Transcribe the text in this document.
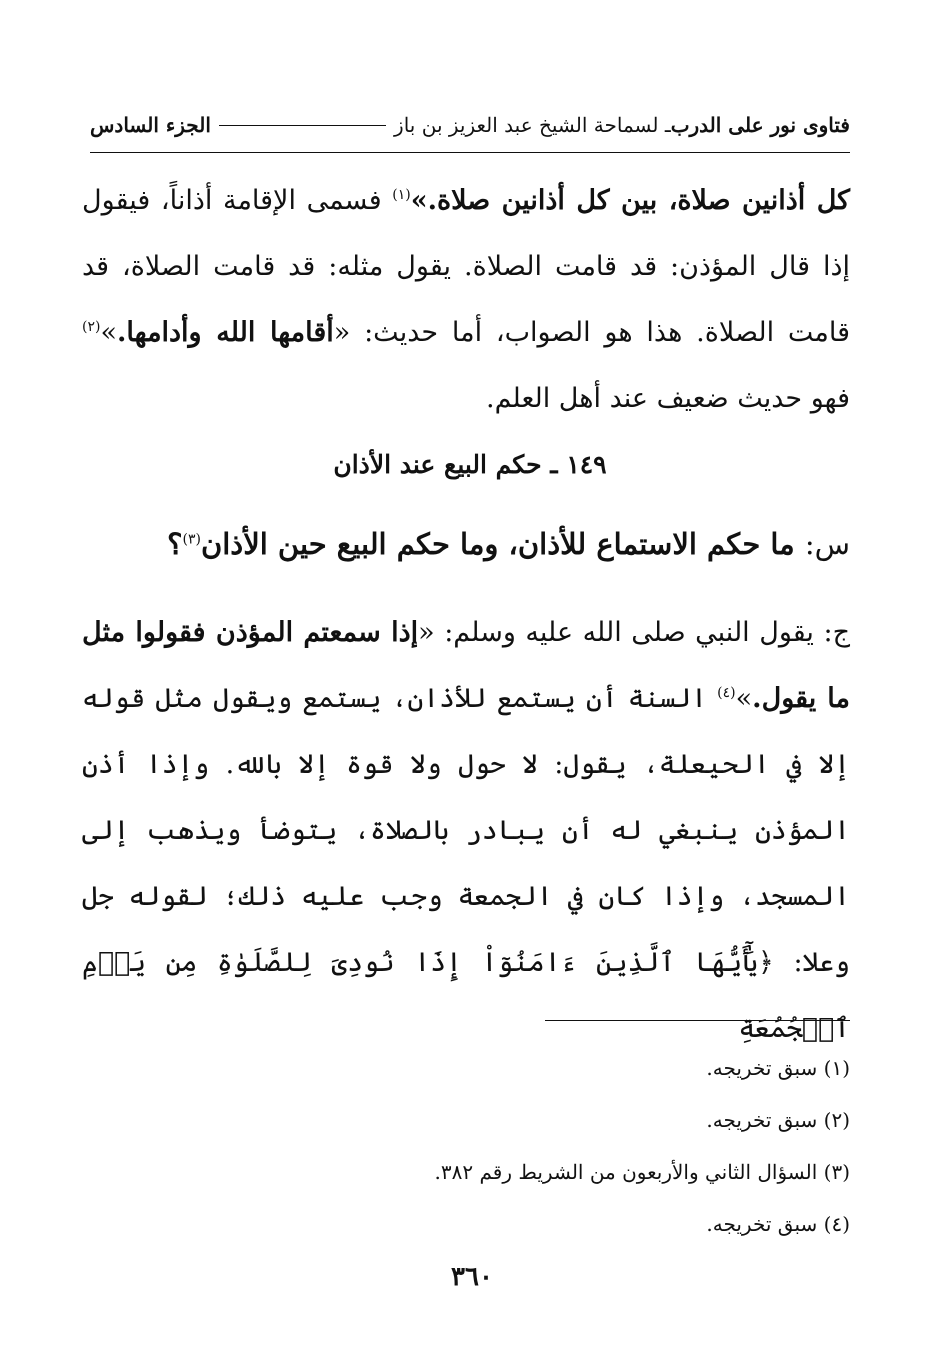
فتاوى نور على الدرب
ـ لسماحة الشيخ عبد العزيز بن باز
الجزء السادس

كل أذانين صلاة، بين كل أذانين صلاة.»$^{(١)}$ فسمى الإقامة أذاناً، فيقول إذا قال المؤذن: قد قامت الصلاة. يقول مثله: قد قامت الصلاة، قد قامت الصلاة. هذا هو الصواب، أما حديث: «أقامها الله وأدامها.»$^{(٢)}$ فهو حديث ضعيف عند أهل العلم.

١٤٩ ـ حكم البيع عند الأذان
س: ما حكم الاستماع للأذان، وما حكم البيع حين الأذان$^{(٣)}$؟

ج: يقول النبي صلى الله عليه وسلم: «إذا سمعتم المؤذن فقولوا مثل ما يقول.»$^{(٤)}$ السنة أن يستمع للأذان، يستمع ويقول مثل قوله إلا في الحيعلة، يقول: لا حول ولا قوة إلا بالله. وإذا أذن المؤذن ينبغي له أن يبادر بالصلاة، يتوضأ ويذهب إلى المسجد، وإذا كان في الجمعة وجب عليه ذلك؛ لقوله جل وعلا: ﴿يَٰٓأَيُّهَا ٱلَّذِينَ ءَامَنُوٓاْ إِذَا نُودِىَ لِلصَّلَوٰةِ مِن يَوۡمِ ٱلۡجُمُعَةِ

(١) سبق تخريجه.
(٢) سبق تخريجه.
(٣) السؤال الثاني والأربعون من الشريط رقم ٣٨٢.
(٤) سبق تخريجه.
٣٦٠
